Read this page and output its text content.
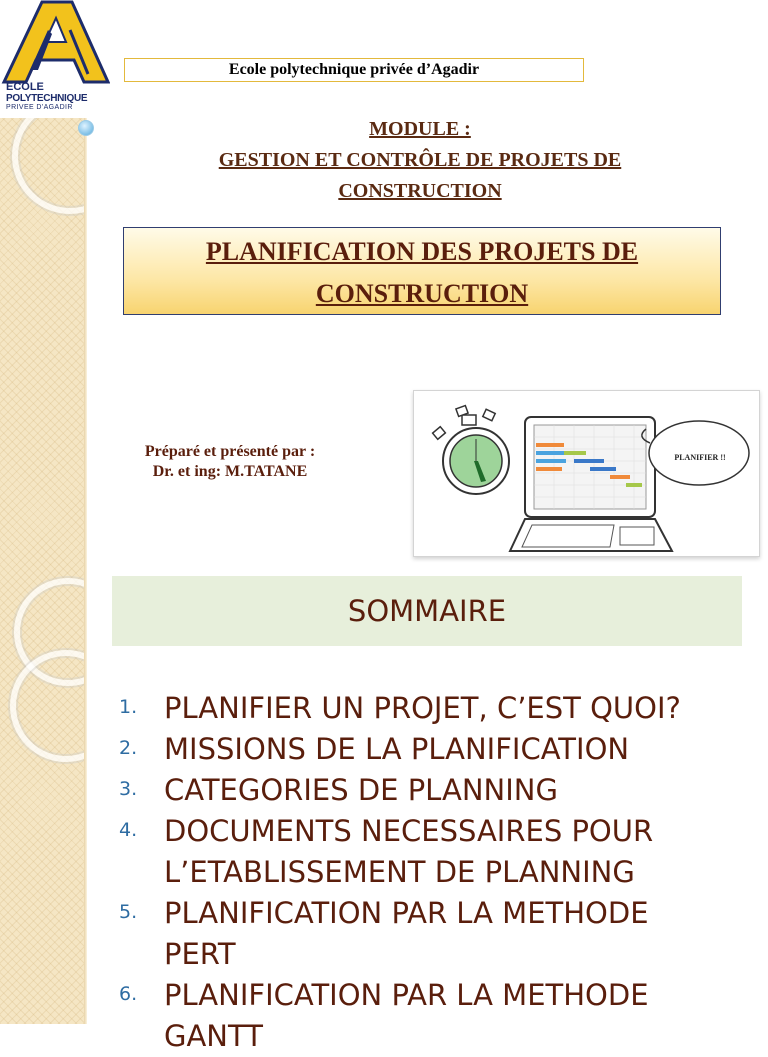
ECOLE
POLYTECHNIQUE
PRIVEE D'AGADIR
Ecole polytechnique privée d’Agadir
MODULE :
GESTION ET CONTRÔLE DE PROJETS DE
CONSTRUCTION
PLANIFICATION DES PROJETS DE
CONSTRUCTION
Préparé et présenté par :
Dr. et ing: M.TATANE
PLANIFIER !!
SOMMAIRE
1. PLANIFIER UN PROJET, C’EST QUOI?
2. MISSIONS DE LA PLANIFICATION
3. CATEGORIES DE PLANNING
4. DOCUMENTS NECESSAIRES POUR
L’ETABLISSEMENT DE PLANNING
5. PLANIFICATION PAR LA METHODE
PERT
6. PLANIFICATION PAR LA METHODE
GANTT
